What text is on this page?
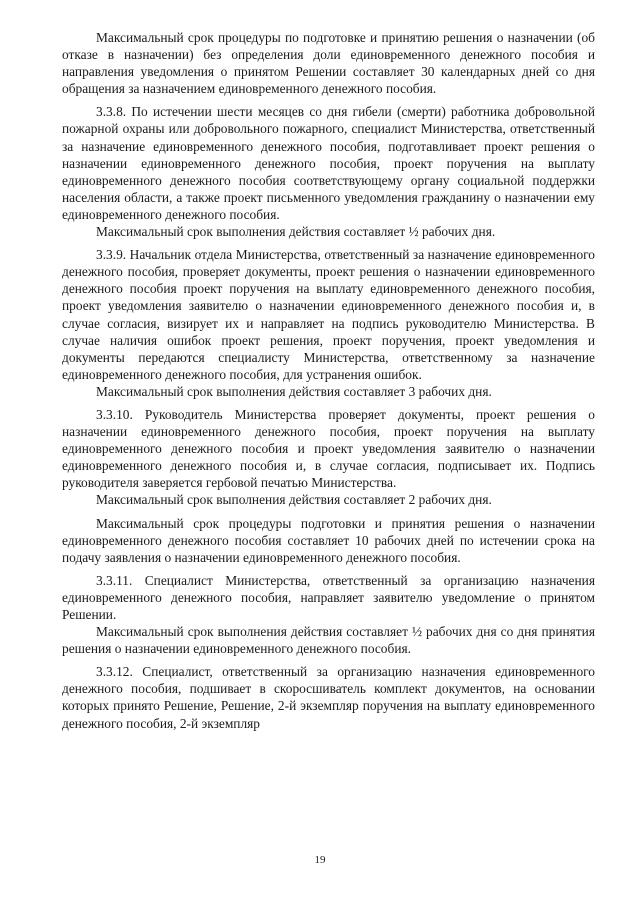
Максимальный срок процедуры по подготовке и принятию решения о назначении (об отказе в назначении) без определения доли единовременного денежного пособия и направления уведомления о принятом Решении составляет 30 календарных дней со дня обращения за назначением единовременного денежного пособия.

3.3.8. По истечении шести месяцев со дня гибели (смерти) работника добровольной пожарной охраны или добровольного пожарного, специалист Министерства, ответственный за назначение единовременного денежного пособия, подготавливает проект решения о назначении единовременного денежного пособия, проект поручения на выплату единовременного денежного пособия соответствующему органу социальной поддержки населения области, а также проект письменного уведомления гражданину о назначении ему единовременного денежного пособия.

Максимальный срок выполнения действия составляет ½ рабочих дня.

3.3.9. Начальник отдела Министерства, ответственный за назначение единовременного денежного пособия, проверяет документы, проект решения о назначении единовременного денежного пособия проект поручения на выплату единовременного денежного пособия, проект уведомления заявителю о назначении единовременного денежного пособия и, в случае согласия, визирует их и направляет на подпись руководителю Министерства. В случае наличия ошибок проект решения, проект поручения, проект уведомления и документы передаются специалисту Министерства, ответственному за назначение единовременного денежного пособия, для устранения ошибок.

Максимальный срок выполнения действия составляет 3 рабочих дня.

3.3.10. Руководитель Министерства проверяет документы, проект решения о назначении единовременного денежного пособия, проект поручения на выплату единовременного денежного пособия и проект уведомления заявителю о назначении единовременного денежного пособия и, в случае согласия, подписывает их. Подпись руководителя заверяется гербовой печатью Министерства.

Максимальный срок выполнения действия составляет 2 рабочих дня.

Максимальный срок процедуры подготовки и принятия решения о назначении единовременного денежного пособия составляет 10 рабочих дней по истечении срока на подачу заявления о назначении единовременного денежного пособия.

3.3.11. Специалист Министерства, ответственный за организацию назначения единовременного денежного пособия, направляет заявителю уведомление о принятом Решении.

Максимальный срок выполнения действия составляет ½ рабочих дня со дня принятия решения о назначении единовременного денежного пособия.

3.3.12. Специалист, ответственный за организацию назначения единовременного денежного пособия, подшивает в скоросшиватель комплект документов, на основании которых принято Решение, Решение, 2-й экземпляр поручения на выплату единовременного денежного пособия, 2-й экземпляр

19
